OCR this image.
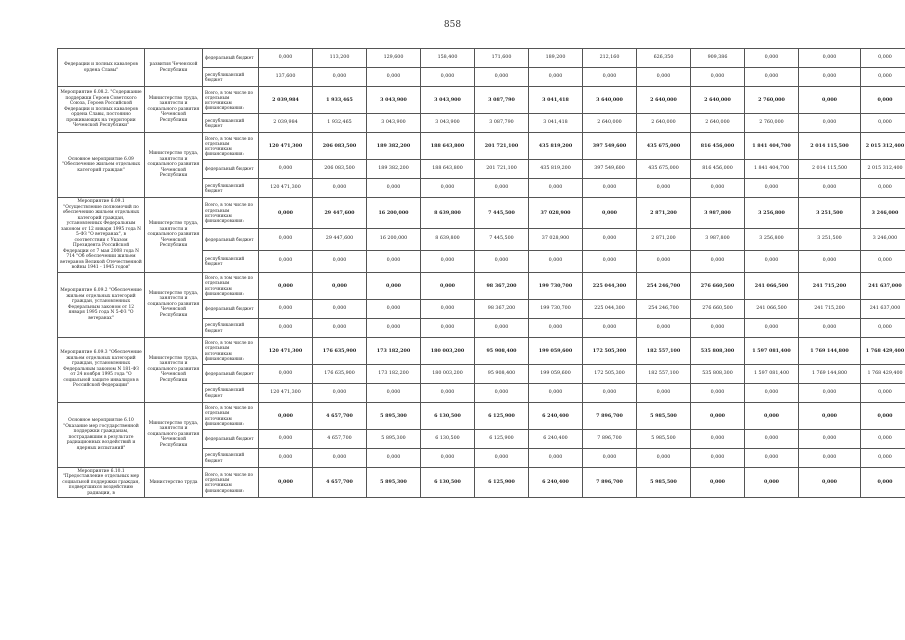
858
Федерации и полных кавалеров ордена Славы"	развития Чеченской Республики	федеральный бюджет	0,000	113,200	129,600	158,400	171,600	189,200	212,160	626,350	909,386	0,000	0,000	0,000
		республиканский бюджет	137,600	0,000	0,000	0,000	0,000	0,000	0,000	0,000	0,000	0,000	0,000	0,000
Мероприятие 6.08.2. "Содержание поддержки Героев Советского Союза, Героев Российской Федерации и полных кавалеров ордена Славы, постоянно проживающих на территории Чеченской Республики"	Министерство труда, занятости и социального развития Чеченской Республики	Всего, в том числе по отдельным источникам финансирования:	2 039,984	1 933,465	3 043,900	3 043,900	3 087,790	3 041,418	3 640,000	2 640,000	2 640,000	2 760,000	0,000	0,000
		республиканский бюджет	2 039,984	1 932,465	3 043,900	3 043,900	3 087,790	3 041,418	2 640,000	2 640,000	2 640,000	2 760,000	0,000	0,000
Основное мероприятие 6.09 "Обеспечение жильем отдельных категорий граждан"	Министерство труда, занятости и социального развития Чеченской Республики	Всего, в том числе по отдельным источникам финансирования:	120 471,300	206 083,500	189 382,200	188 643,800	201 721,100	435 819,200	397 549,600	435 675,000	816 456,000	1 841 404,700	2 014 115,500	2 015 312,400
		федеральный бюджет	0,000	206 083,500	189 382,200	188 643,800	201 721,100	435 819,200	397 549,600	435 675,000	816 456,000	1 841 404,700	2 014 115,500	2 015 312,400
		республиканский бюджет	120 471,300	0,000	0,000	0,000	0,000	0,000	0,000	0,000	0,000	0,000	0,000	0,000
Мероприятие 6.09.1 "Осуществление полномочий по обеспечению жильем отдельных категорий граждан, установленных Федеральным законом от 12 января 1995 года N 5-ФЗ "О ветеранах", в соответствии с Указом Президента Российской Федерации от 7 мая 2008 года N 714 "Об обеспечении жильем ветеранов Великой Отечественной войны 1941 - 1945 годов"	Министерство труда, занятости и социального развития Чеченской Республики	Всего, в том числе по отдельным источникам финансирования:	0,000	29 447,600	16 200,000	8 639,800	7 445,500	37 028,900	0,000	2 871,200	3 987,800	3 256,800	3 251,500	3 246,000
		федеральный бюджет	0,000	29 447,600	16 200,000	8 639,800	7 445,500	37 028,900	0,000	2 871,200	3 987,800	3 256,800	3 251,500	3 246,000
		республиканский бюджет	0,000	0,000	0,000	0,000	0,000	0,000	0,000	0,000	0,000	0,000	0,000	0,000
Мероприятие 6.09.2 "Обеспечение жильем отдельных категорий граждан, установленных Федеральным законом от 12 января 1995 года N 5-ФЗ "О ветеранах"	Министерство труда, занятости и социального развития Чеченской Республики	Всего, в том числе по отдельным источникам финансирования:	0,000	0,000	0,000	0,000	98 367,200	199 730,700	225 044,300	254 246,700	276 660,500	241 066,500	241 715,200	241 637,000
		федеральный бюджет	0,000	0,000	0,000	0,000	98 367,200	199 730,700	225 044,300	254 246,700	276 660,500	241 066,500	241 715,200	241 637,000
		республиканский бюджет	0,000	0,000	0,000	0,000	0,000	0,000	0,000	0,000	0,000	0,000	0,000	0,000
Мероприятие 6.09.3 "Обеспечение жильем отдельных категорий граждан, установленных Федеральным законом N 181-ФЗ от 24 ноября 1995 года "О социальной защите инвалидов в Российской Федерации"	Министерство труда, занятости и социального развития Чеченской Республики	Всего, в том числе по отдельным источникам финансирования:	120 471,300	176 635,900	173 182,200	180 003,200	95 908,400	199 059,600	172 505,300	182 557,100	535 808,300	1 597 081,400	1 769 144,800	1 768 429,400
		федеральный бюджет	0,000	176 635,900	173 182,200	180 003,200	95 908,400	199 059,600	172 505,300	182 557,100	535 808,300	1 597 081,400	1 769 144,800	1 768 429,400
		республиканский бюджет	120 471,300	0,000	0,000	0,000	0,000	0,000	0,000	0,000	0,000	0,000	0,000	0,000
Основное мероприятие 6.10 "Оказание мер государственной поддержки гражданам, пострадавшим в результате радиационных воздействий и ядерных испытаний"	Министерство труда, занятости и социального развития Чеченской Республики	Всего, в том числе по отдельным источникам финансирования:	0,000	4 657,700	5 895,300	6 130,500	6 125,900	6 240,400	7 896,700	5 985,500	0,000	0,000	0,000	0,000
		федеральный бюджет	0,000	4 657,700	5 895,300	6 130,500	6 125,900	6 240,400	7 896,700	5 985,500	0,000	0,000	0,000	0,000
		республиканский бюджет	0,000	0,000	0,000	0,000	0,000	0,000	0,000	0,000	0,000	0,000	0,000	0,000
Мероприятие 6.10.1 "Предоставление отдельных мер социальной поддержки граждан, подвергшихся воздействию радиации, в	Министерство труда	Всего, в том числе по отдельным источникам финансирования:	0,000	4 657,700	5 895,300	6 130,500	6 125,900	6 240,400	7 896,700	5 985,500	0,000	0,000	0,000	0,000
